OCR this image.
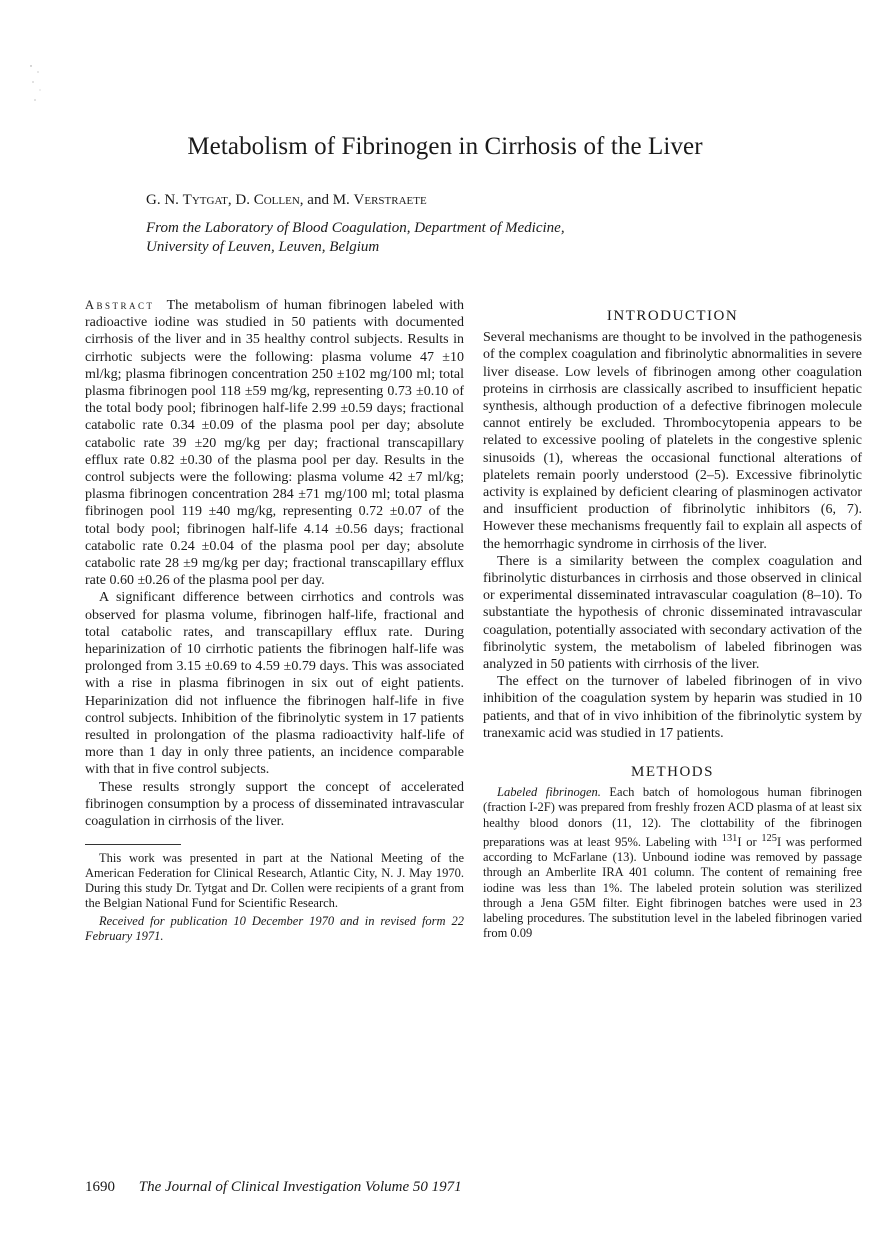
Metabolism of Fibrinogen in Cirrhosis of the Liver
G. N. Tytgat, D. Collen, and M. Verstraete
From the Laboratory of Blood Coagulation, Department of Medicine,
University of Leuven, Leuven, Belgium

Abstract The metabolism of human fibrinogen labeled with radioactive iodine was studied in 50 patients with documented cirrhosis of the liver and in 35 healthy control subjects. Results in cirrhotic subjects were the following: plasma volume 47 ±10 ml/kg; plasma fibrinogen concentration 250 ±102 mg/100 ml; total plasma fibrinogen pool 118 ±59 mg/kg, representing 0.73 ±0.10 of the total body pool; fibrinogen half-life 2.99 ±0.59 days; fractional catabolic rate 0.34 ±0.09 of the plasma pool per day; absolute catabolic rate 39 ±20 mg/kg per day; fractional transcapillary efflux rate 0.82 ±0.30 of the plasma pool per day. Results in the control subjects were the following: plasma volume 42 ±7 ml/kg; plasma fibrinogen concentration 284 ±71 mg/100 ml; total plasma fibrinogen pool 119 ±40 mg/kg, representing 0.72 ±0.07 of the total body pool; fibrinogen half-life 4.14 ±0.56 days; fractional catabolic rate 0.24 ±0.04 of the plasma pool per day; absolute catabolic rate 28 ±9 mg/kg per day; fractional transcapillary efflux rate 0.60 ±0.26 of the plasma pool per day.

A significant difference between cirrhotics and controls was observed for plasma volume, fibrinogen half-life, fractional and total catabolic rates, and transcapillary efflux rate. During heparinization of 10 cirrhotic patients the fibrinogen half-life was prolonged from 3.15 ±0.69 to 4.59 ±0.79 days. This was associated with a rise in plasma fibrinogen in six out of eight patients. Heparinization did not influence the fibrinogen half-life in five control subjects. Inhibition of the fibrinolytic system in 17 patients resulted in prolongation of the plasma radioactivity half-life of more than 1 day in only three patients, an incidence comparable with that in five control subjects.

These results strongly support the concept of accelerated fibrinogen consumption by a process of disseminated intravascular coagulation in cirrhosis of the liver.

This work was presented in part at the National Meeting of the American Federation for Clinical Research, Atlantic City, N. J. May 1970. During this study Dr. Tytgat and Dr. Collen were recipients of a grant from the Belgian National Fund for Scientific Research.

Received for publication 10 December 1970 and in revised form 22 February 1971.

INTRODUCTION

Several mechanisms are thought to be involved in the pathogenesis of the complex coagulation and fibrinolytic abnormalities in severe liver disease. Low levels of fibrinogen among other coagulation proteins in cirrhosis are classically ascribed to insufficient hepatic synthesis, although production of a defective fibrinogen molecule cannot entirely be excluded. Thrombocytopenia appears to be related to excessive pooling of platelets in the congestive splenic sinusoids (1), whereas the occasional functional alterations of platelets remain poorly understood (2–5). Excessive fibrinolytic activity is explained by deficient clearing of plasminogen activator and insufficient production of fibrinolytic inhibitors (6, 7). However these mechanisms frequently fail to explain all aspects of the hemorrhagic syndrome in cirrhosis of the liver.

There is a similarity between the complex coagulation and fibrinolytic disturbances in cirrhosis and those observed in clinical or experimental disseminated intravascular coagulation (8–10). To substantiate the hypothesis of chronic disseminated intravascular coagulation, potentially associated with secondary activation of the fibrinolytic system, the metabolism of labeled fibrinogen was analyzed in 50 patients with cirrhosis of the liver.

The effect on the turnover of labeled fibrinogen of in vivo inhibition of the coagulation system by heparin was studied in 10 patients, and that of in vivo inhibition of the fibrinolytic system by tranexamic acid was studied in 17 patients.

METHODS

Labeled fibrinogen. Each batch of homologous human fibrinogen (fraction I-2F) was prepared from freshly frozen ACD plasma of at least six healthy blood donors (11, 12). The clottability of the fibrinogen preparations was at least 95%. Labeling with $^{131}$I or $^{125}$I was performed according to McFarlane (13). Unbound iodine was removed by passage through an Amberlite IRA 401 column. The content of remaining free iodine was less than 1%. The labeled protein solution was sterilized through a Jena G5M filter. Eight fibrinogen batches were used in 23 labeling procedures. The substitution level in the labeled fibrinogen varied from 0.09

1690 The Journal of Clinical Investigation Volume 50 1971
